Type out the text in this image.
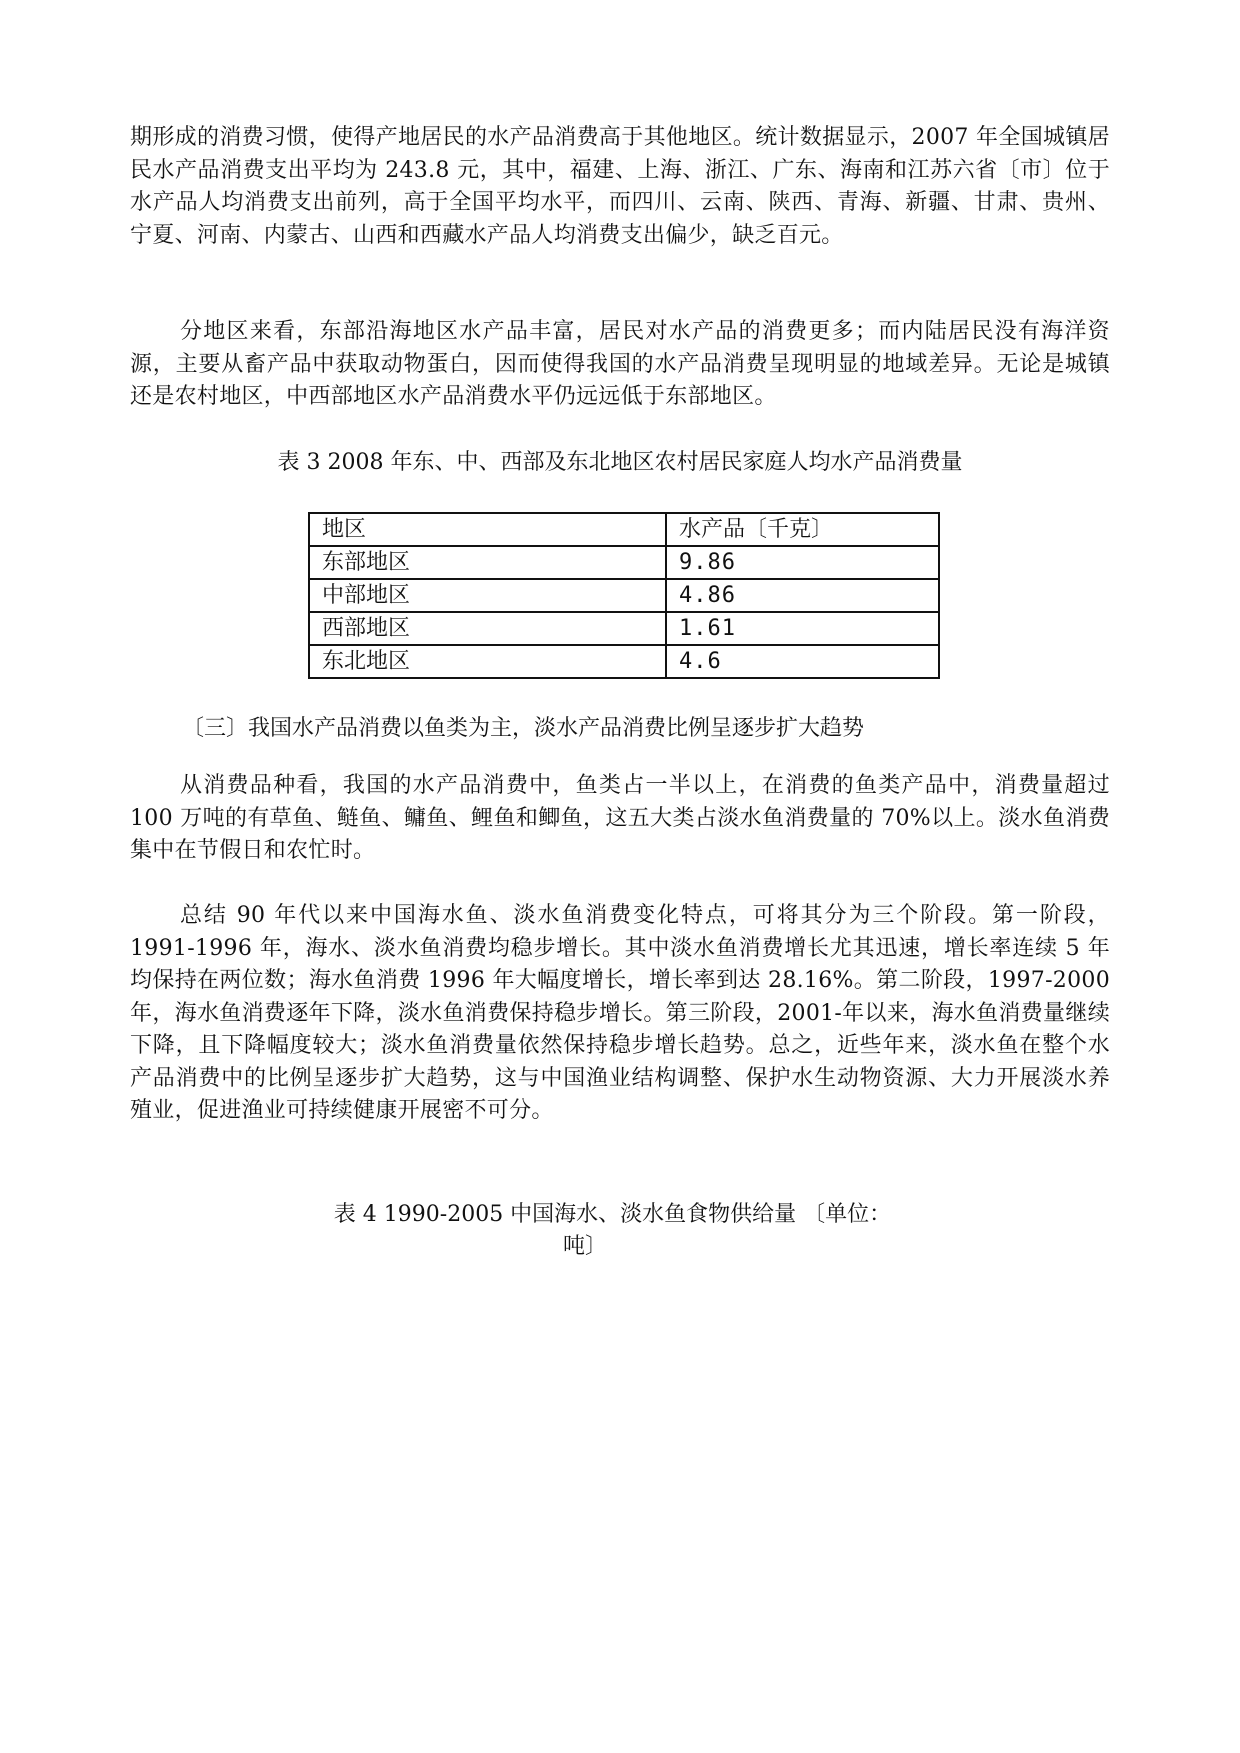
期形成的消费习惯，使得产地居民的水产品消费高于其他地区。统计数据显示，2007 年全国城镇居民水产品消费支出平均为 243.8 元，其中，福建、上海、浙江、广东、海南和江苏六省〔市〕位于水产品人均消费支出前列，高于全国平均水平，而四川、云南、陕西、青海、新疆、甘肃、贵州、宁夏、河南、内蒙古、山西和西藏水产品人均消费支出偏少，缺乏百元。

分地区来看，东部沿海地区水产品丰富，居民对水产品的消费更多；而内陆居民没有海洋资源，主要从畜产品中获取动物蛋白，因而使得我国的水产品消费呈现明显的地域差异。无论是城镇还是农村地区，中西部地区水产品消费水平仍远远低于东部地区。

表 3 2008 年东、中、西部及东北地区农村居民家庭人均水产品消费量

地区	水产品〔千克〕
东部地区	9.86
中部地区	4.86
西部地区	1.61
东北地区	4.6

〔三〕我国水产品消费以鱼类为主，淡水产品消费比例呈逐步扩大趋势

从消费品种看，我国的水产品消费中，鱼类占一半以上，在消费的鱼类产品中，消费量超过 100 万吨的有草鱼、鲢鱼、鳙鱼、鲤鱼和鲫鱼，这五大类占淡水鱼消费量的 70%以上。淡水鱼消费集中在节假日和农忙时。

总结 90 年代以来中国海水鱼、淡水鱼消费变化特点，可将其分为三个阶段。第一阶段，1991-1996 年，海水、淡水鱼消费均稳步增长。其中淡水鱼消费增长尤其迅速，增长率连续 5 年均保持在两位数；海水鱼消费 1996 年大幅度增长，增长率到达 28.16%。第二阶段，1997-2000 年，海水鱼消费逐年下降，淡水鱼消费保持稳步增长。第三阶段，2001-年以来，海水鱼消费量继续下降，且下降幅度较大；淡水鱼消费量依然保持稳步增长趋势。总之，近些年来，淡水鱼在整个水产品消费中的比例呈逐步扩大趋势，这与中国渔业结构调整、保护水生动物资源、大力开展淡水养殖业，促进渔业可持续健康开展密不可分。

表 4 1990-2005 中国海水、淡水鱼食物供给量 〔单位：
吨〕
